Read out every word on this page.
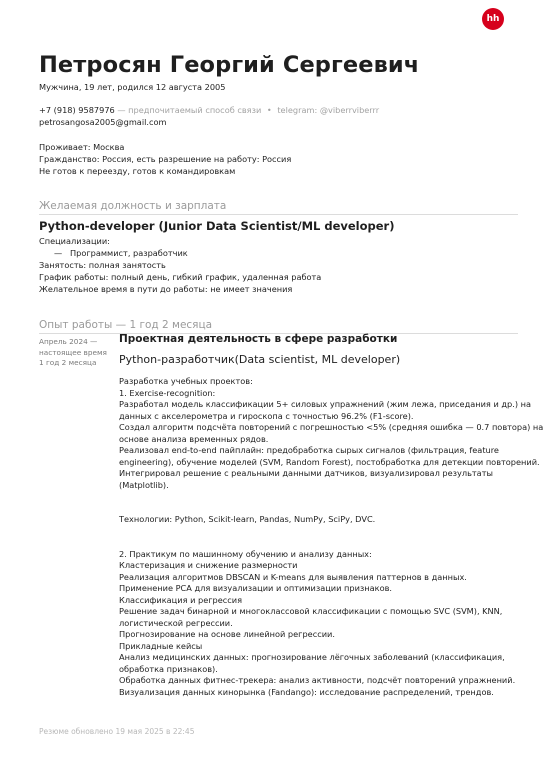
hh
Петросян Георгий Сергеевич
Мужчина, 19 лет, родился 12 августа 2005
+7 (918) 9587976 — предпочитаемый способ связи • telegram: @viberrviberrr
petrosangosa2005@gmail.com
Проживает: Москва
Гражданство: Россия, есть разрешение на работу: Россия
Не готов к переезду, готов к командировкам
Желаемая должность и зарплата
Python-developer (Junior Data Scientist/ML developer)
Специализации:
—   Программист, разработчик
Занятость: полная занятость
График работы: полный день, гибкий график, удаленная работа
Желательное время в пути до работы: не имеет значения
Опыт работы — 1 год 2 месяца
Апрель 2024 —
настоящее время
1 год 2 месяца
Проектная деятельность в сфере разработки
Python-разработчик(Data scientist, ML developer)
Разработка учебных проектов:
1. Exercise-recognition:
Разработал модель классификации 5+ силовых упражнений (жим лежа, приседания и др.) на
данных с акселерометра и гироскопа с точностью 96.2% (F1-score).
Создал алгоритм подсчёта повторений с погрешностью <5% (средняя ошибка — 0.7 повтора) на
основе анализа временных рядов.
Реализовал end-to-end пайплайн: предобработка сырых сигналов (фильтрация, feature
engineering), обучение моделей (SVM, Random Forest), постобработка для детекции повторений.
Интегрировал решение с реальными данными датчиков, визуализировал результаты
(Matplotlib).
Технологии: Python, Scikit-learn, Pandas, NumPy, SciPy, DVC.
2. Практикум по машинному обучению и анализу данных:
Кластеризация и снижение размерности
Реализация алгоритмов DBSCAN и K-means для выявления паттернов в данных.
Применение PCA для визуализации и оптимизации признаков.
Классификация и регрессия
Решение задач бинарной и многоклассовой классификации с помощью SVC (SVM), KNN,
логистической регрессии.
Прогнозирование на основе линейной регрессии.
Прикладные кейсы
Анализ медицинских данных: прогнозирование лёгочных заболеваний (классификация,
обработка признаков).
Обработка данных фитнес-трекера: анализ активности, подсчёт повторений упражнений.
Визуализация данных кинорынка (Fandango): исследование распределений, трендов.
Резюме обновлено 19 мая 2025 в 22:45
